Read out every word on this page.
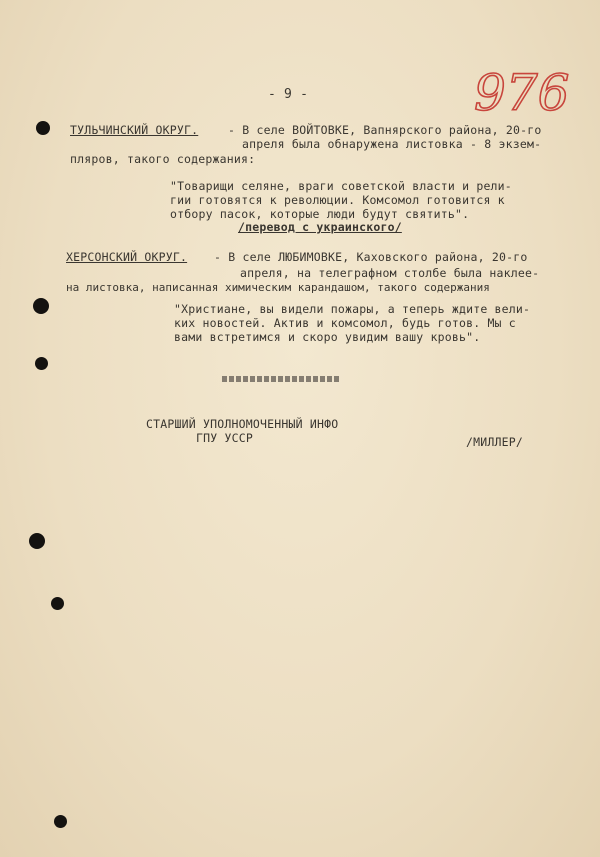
- 9 -	976
ТУЛЬЧИНСКИЙ ОКРУГ.	- В селе ВОЙТОВКЕ, Вапнярского района, 20-го
апреля была обнаружена листовка - 8 экзем-
пляров, такого содержания:
"Товарищи селяне, враги советской власти и рели-
гии готовятся к революции. Комсомол готовится к
отбору пасок, которые люди будут святить".
/перевод с украинского/
ХЕРСОНСКИЙ ОКРУГ. - В селе ЛЮБИМОВКЕ, Каховского района, 20-го
апреля, на телеграфном столбе была наклее-
на листовка, написанная химическим карандашом, такого содержания
"Христиане, вы видели пожары, а теперь ждите вели-
ких новостей. Актив и комсомол, будь готов. Мы с
вами встретимся и скоро увидим вашу кровь".
СТАРШИЙ УПОЛНОМОЧЕННЫЙ ИНФО
ГПУ УССР	/МИЛЛЕР/
